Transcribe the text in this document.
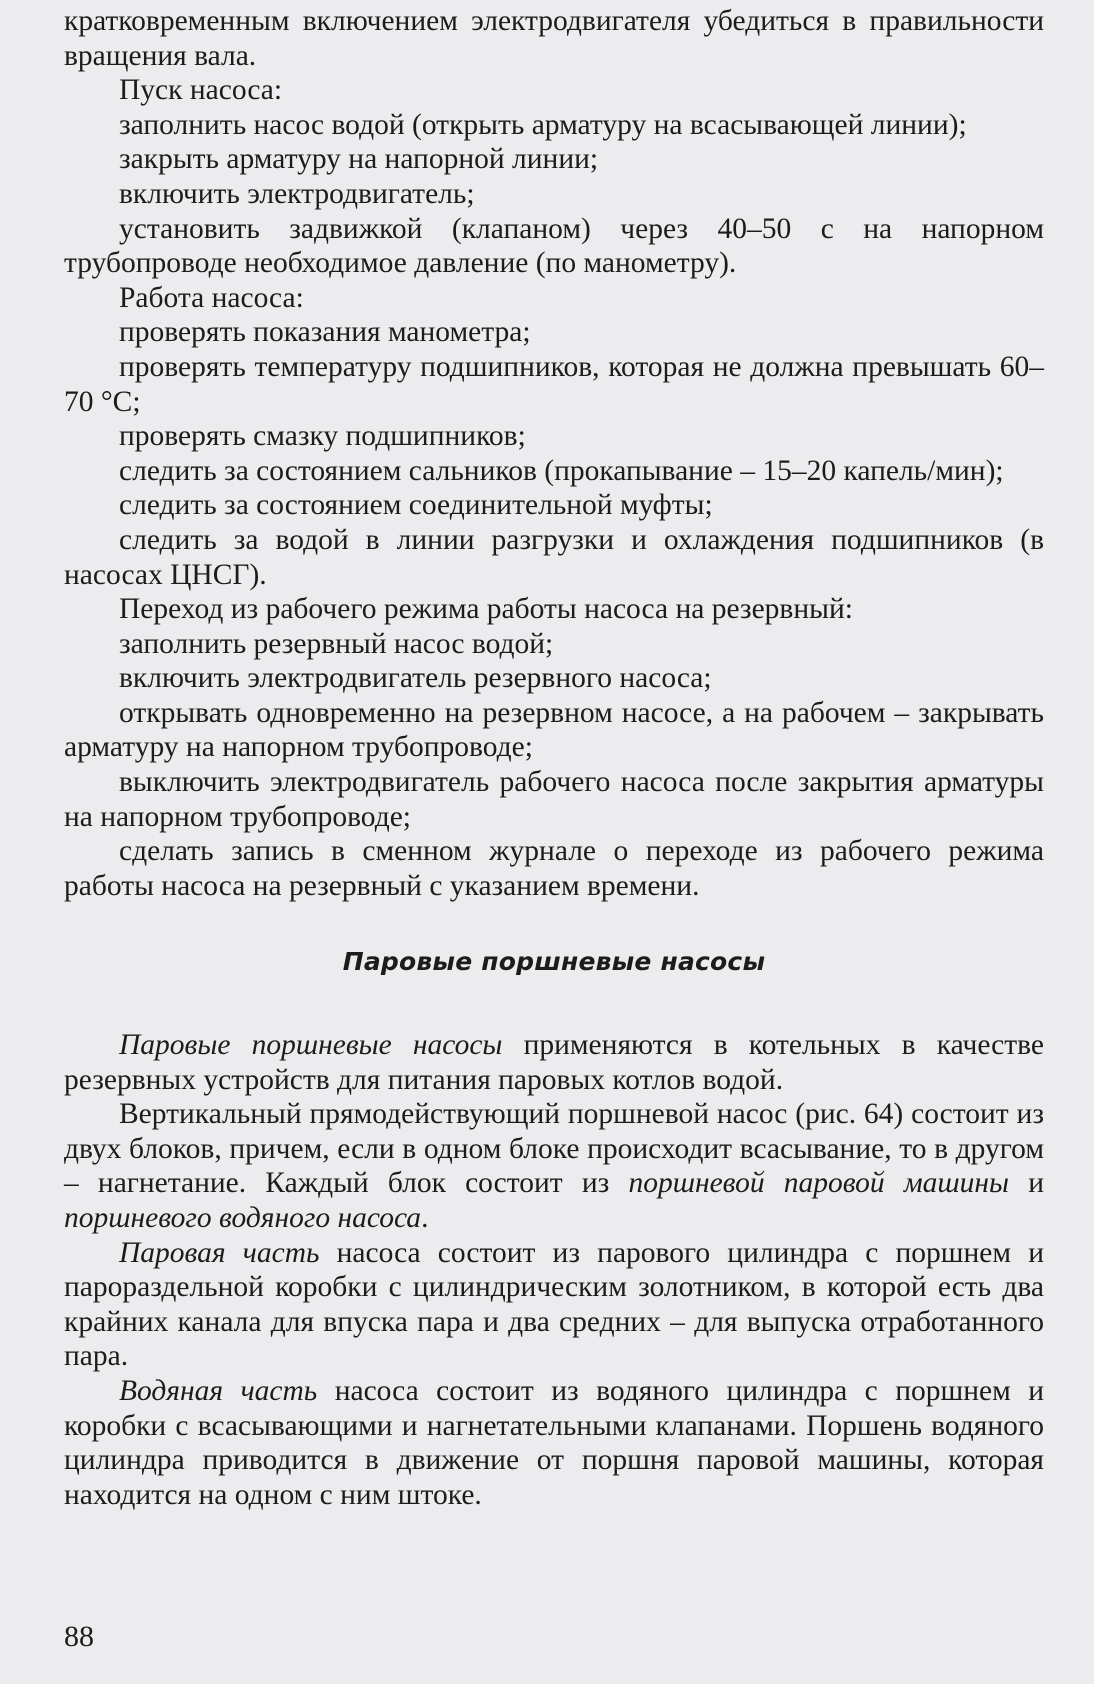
кратковременным включением электродвигателя убедиться в правильности вращения вала.

Пуск насоса:

заполнить насос водой (открыть арматуру на всасывающей линии);

закрыть арматуру на напорной линии;

включить электродвигатель;

установить задвижкой (клапаном) через 40–50 с на напорном трубопроводе необходимое давление (по манометру).

Работа насоса:

проверять показания манометра;

проверять температуру подшипников, которая не должна превышать 60–70 °C;

проверять смазку подшипников;

следить за состоянием сальников (прокапывание – 15–20 капель/мин);

следить за состоянием соединительной муфты;

следить за водой в линии разгрузки и охлаждения подшипников (в насосах ЦНСГ).

Переход из рабочего режима работы насоса на резервный:

заполнить резервный насос водой;

включить электродвигатель резервного насоса;

открывать одновременно на резервном насосе, а на рабочем – закрывать арматуру на напорном трубопроводе;

выключить электродвигатель рабочего насоса после закрытия арматуры на напорном трубопроводе;

сделать запись в сменном журнале о переходе из рабочего режима работы насоса на резервный с указанием времени.

Паровые поршневые насосы

Паровые поршневые насосы применяются в котельных в качестве резервных устройств для питания паровых котлов водой.

Вертикальный прямодействующий поршневой насос (рис. 64) состоит из двух блоков, причем, если в одном блоке происходит всасывание, то в другом – нагнетание. Каждый блок состоит из поршневой паровой машины и поршневого водяного насоса.

Паровая часть насоса состоит из парового цилиндра с поршнем и парораздельной коробки с цилиндрическим золотником, в которой есть два крайних канала для впуска пара и два средних – для выпуска отработанного пара.

Водяная часть насоса состоит из водяного цилиндра с поршнем и коробки с всасывающими и нагнетательными клапанами. Поршень водяного цилиндра приводится в движение от поршня паровой машины, которая находится на одном с ним штоке.

88
